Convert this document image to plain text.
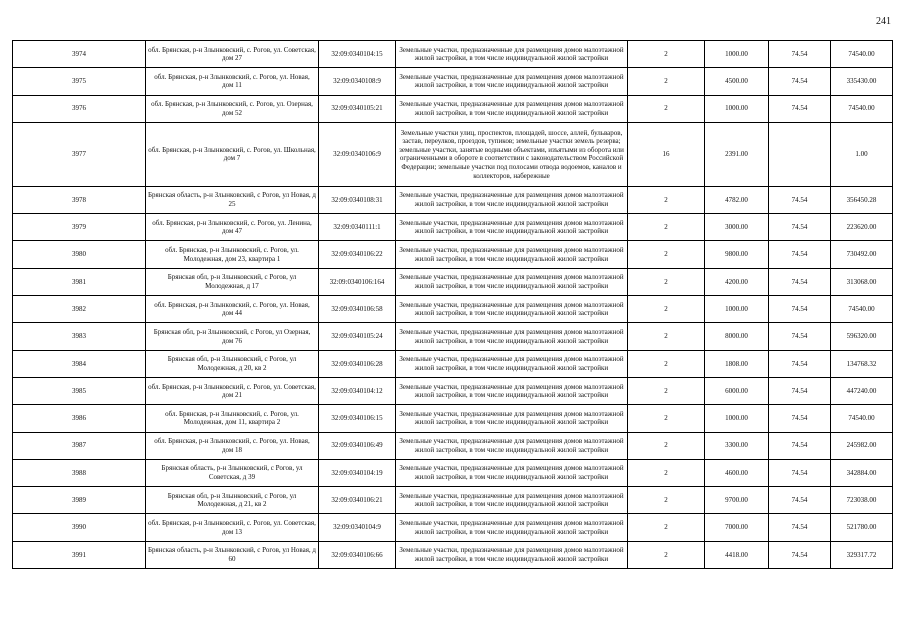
241
3974	обл. Брянская, р-н Злынковский, с. Рогов, ул. Советская, дом 27	32:09:0340104:15	Земельные участки, предназначенные для размещения домов малоэтажной жилой застройки, в том числе индивидуальной жилой застройки	2	1000.00	74.54	74540.00
3975	обл. Брянская, р-н Злынковский, с. Рогов, ул. Новая, дом 11	32:09:0340108:9	Земельные участки, предназначенные для размещения домов малоэтажной жилой застройки, в том числе индивидуальной жилой застройки	2	4500.00	74.54	335430.00
3976	обл. Брянская, р-н Злынковский, с. Рогов, ул. Озерная, дом 52	32:09:0340105:21	Земельные участки, предназначенные для размещения домов малоэтажной жилой застройки, в том числе индивидуальной жилой застройки	2	1000.00	74.54	74540.00
3977	обл. Брянская, р-н Злынковский, с. Рогов, ул. Школьная, дом 7	32:09:0340106:9	Земельные участки улиц, проспектов, площадей, шоссе, аллей, бульваров, застав, переулков, проездов, тупиков; земельные участки земель резерва; земельные участки, занятые водными объектами, изъятыми из оборота или ограниченными в обороте в соответствии с законодательством Российской Федерации; земельные участки под полосами отвода водоемов, каналов и коллекторов, набережные	16	2391.00		1.00
3978	Брянская область, р-н Злынковский, с Рогов, ул Новая, д 25	32:09:0340108:31	Земельные участки, предназначенные для размещения домов малоэтажной жилой застройки, в том числе индивидуальной жилой застройки	2	4782.00	74.54	356450.28
3979	обл. Брянская, р-н Злынковский, с. Рогов, ул. Ленина, дом 47	32:09:0340111:1	Земельные участки, предназначенные для размещения домов малоэтажной жилой застройки, в том числе индивидуальной жилой застройки	2	3000.00	74.54	223620.00
3980	обл. Брянская, р-н Злынковский, с. Рогов, ул. Молодежная, дом 23, квартира 1	32:09:0340106:22	Земельные участки, предназначенные для размещения домов малоэтажной жилой застройки, в том числе индивидуальной жилой застройки	2	9800.00	74.54	730492.00
3981	Брянская обл, р-н Злынковский, с Рогов, ул Молодежная, д 17	32:09:0340106:164	Земельные участки, предназначенные для размещения домов малоэтажной жилой застройки, в том числе индивидуальной жилой застройки	2	4200.00	74.54	313068.00
3982	обл. Брянская, р-н Злынковский, с. Рогов, ул. Новая, дом 44	32:09:0340106:58	Земельные участки, предназначенные для размещения домов малоэтажной жилой застройки, в том числе индивидуальной жилой застройки	2	1000.00	74.54	74540.00
3983	Брянская обл, р-н Злынковский, с Рогов, ул Озерная, дом 76	32:09:0340105:24	Земельные участки, предназначенные для размещения домов малоэтажной жилой застройки, в том числе индивидуальной жилой застройки	2	8000.00	74.54	596320.00
3984	Брянская обл, р-н Злынковский, с Рогов, ул Молодежная, д 20, кв 2	32:09:0340106:28	Земельные участки, предназначенные для размещения домов малоэтажной жилой застройки, в том числе индивидуальной жилой застройки	2	1808.00	74.54	134768.32
3985	обл. Брянская, р-н Злынковский, с. Рогов, ул. Советская, дом 21	32:09:0340104:12	Земельные участки, предназначенные для размещения домов малоэтажной жилой застройки, в том числе индивидуальной жилой застройки	2	6000.00	74.54	447240.00
3986	обл. Брянская, р-н Злынковский, с. Рогов, ул. Молодежная, дом 11, квартира 2	32:09:0340106:15	Земельные участки, предназначенные для размещения домов малоэтажной жилой застройки, в том числе индивидуальной жилой застройки	2	1000.00	74.54	74540.00
3987	обл. Брянская, р-н Злынковский, с. Рогов, ул. Новая, дом 18	32:09:0340106:49	Земельные участки, предназначенные для размещения домов малоэтажной жилой застройки, в том числе индивидуальной жилой застройки	2	3300.00	74.54	245982.00
3988	Брянская область, р-н Злынковский, с Рогов, ул Советская, д 39	32:09:0340104:19	Земельные участки, предназначенные для размещения домов малоэтажной жилой застройки, в том числе индивидуальной жилой застройки	2	4600.00	74.54	342884.00
3989	Брянская обл, р-н Злынковский, с Рогов, ул Молодежная, д 21, кв 2	32:09:0340106:21	Земельные участки, предназначенные для размещения домов малоэтажной жилой застройки, в том числе индивидуальной жилой застройки	2	9700.00	74.54	723038.00
3990	обл. Брянская, р-н Злынковский, с. Рогов, ул. Советская, дом 13	32:09:0340104:9	Земельные участки, предназначенные для размещения домов малоэтажной жилой застройки, в том числе индивидуальной жилой застройки	2	7000.00	74.54	521780.00
3991	Брянская область, р-н Злынковский, с Рогов, ул Новая, д 60	32:09:0340106:66	Земельные участки, предназначенные для размещения домов малоэтажной жилой застройки, в том числе индивидуальной жилой застройки	2	4418.00	74.54	329317.72
